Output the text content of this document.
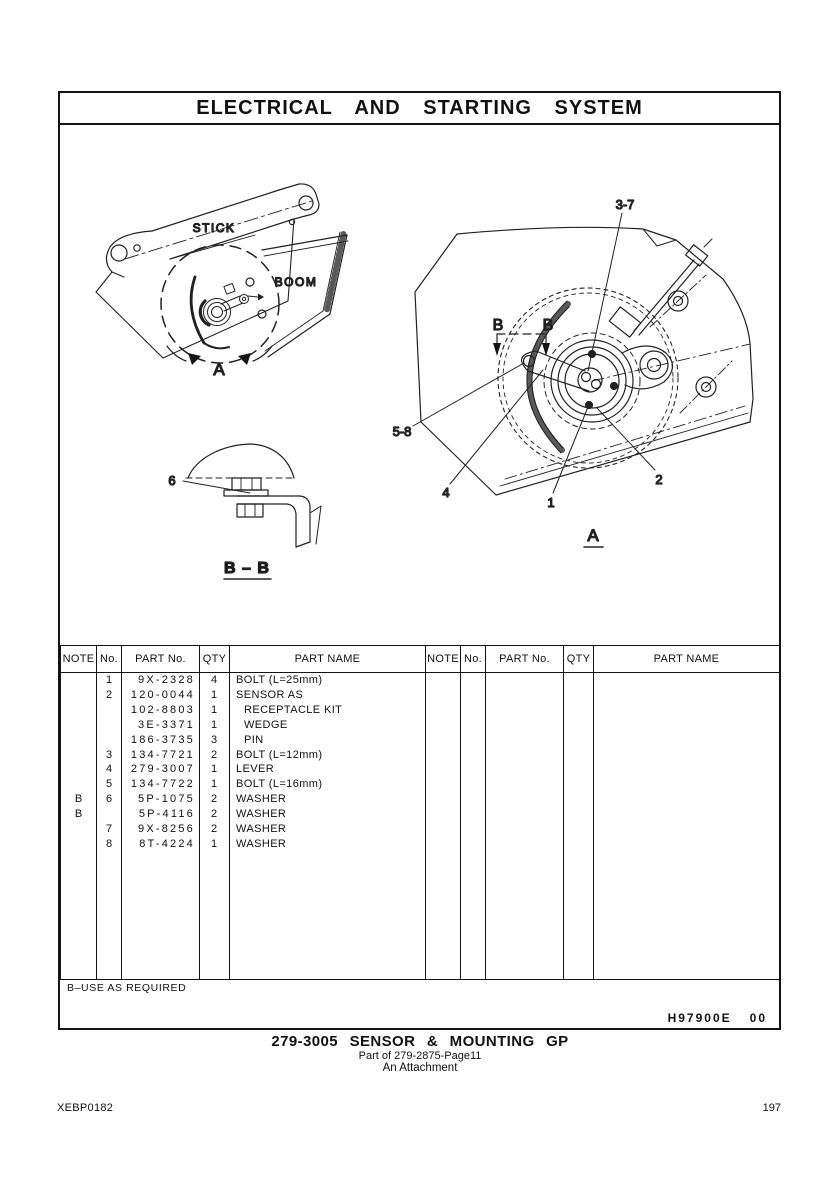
ELECTRICAL AND STARTING SYSTEM
A
STICK
BOOM
6
B – B
B B
3-7
5-8
4
1
2
A
NOTE	No.	PART No.	QTY	PART NAME	NOTE	No.	PART No.	QTY	PART NAME
	1	9X-2328	4	BOLT (L=25mm)					
	2	120-0044	1	SENSOR AS					
		102-8803	1	RECEPTACLE KIT					
		3E-3371	1	WEDGE					
		186-3735	3	PIN					
	3	134-7721	2	BOLT (L=12mm)					
	4	279-3007	1	LEVER					
	5	134-7722	1	BOLT (L=16mm)					
B	6	5P-1075	2	WASHER					
B		5P-4116	2	WASHER					
	7	9X-8256	2	WASHER					
	8	8T-4224	1	WASHER					

B–USE AS REQUIRED
H97900E 00
279-3005 SENSOR & MOUNTING GP
Part of 279-2875-Page11
An Attachment
XEBP0182	197
